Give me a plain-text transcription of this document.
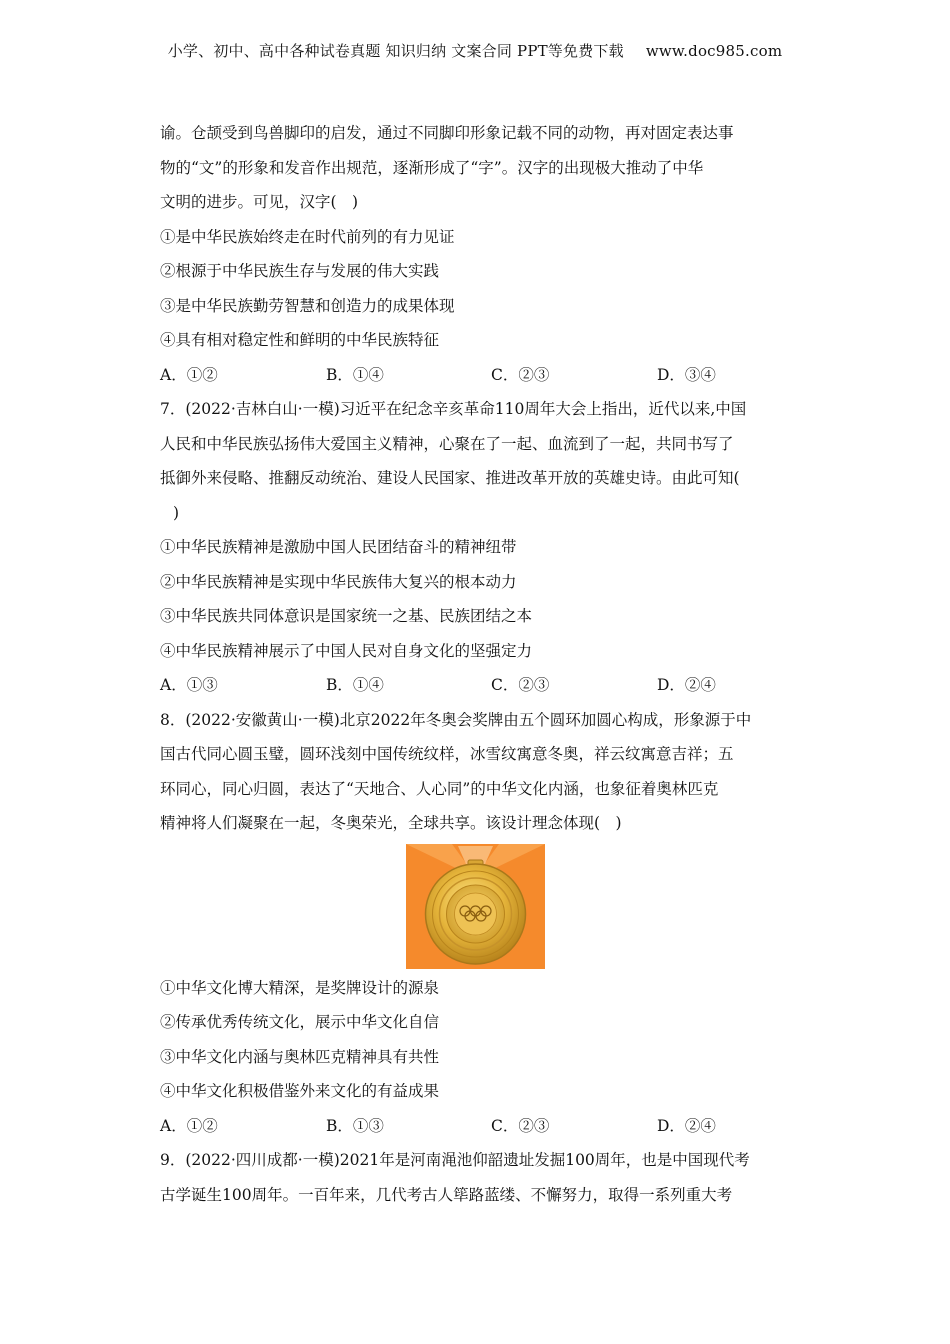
小学、初中、高中各种试卷真题 知识归纳 文案合同 PPT等免费下载 www.doc985.com
谕。仓颉受到鸟兽脚印的启发，通过不同脚印形象记载不同的动物，再对固定表达事
物的“文”的形象和发音作出规范，逐渐形成了“字”。汉字的出现极大推动了中华
文明的进步。可见，汉字(　)
①是中华民族始终走在时代前列的有力见证
②根源于中华民族生存与发展的伟大实践
③是中华民族勤劳智慧和创造力的成果体现
④具有相对稳定性和鲜明的中华民族特征
A．①②	B．①④	C．②③	D．③④
7．(2022·吉林白山·一模)习近平在纪念辛亥革命110周年大会上指出，近代以来,中国
人民和中华民族弘扬伟大爱国主义精神，心聚在了一起、血流到了一起，共同书写了
抵御外来侵略、推翻反动统治、建设人民国家、推进改革开放的英雄史诗。由此可知(
)
①中华民族精神是激励中国人民团结奋斗的精神纽带
②中华民族精神是实现中华民族伟大复兴的根本动力
③中华民族共同体意识是国家统一之基、民族团结之本
④中华民族精神展示了中国人民对自身文化的坚强定力
A．①③	B．①④	C．②③	D．②④
8．(2022·安徽黄山·一模)北京2022年冬奥会奖牌由五个圆环加圆心构成，形象源于中
国古代同心圆玉璧，圆环浅刻中国传统纹样，冰雪纹寓意冬奥，祥云纹寓意吉祥；五
环同心，同心归圆，表达了“天地合、人心同”的中华文化内涵，也象征着奥林匹克
精神将人们凝聚在一起，冬奥荣光，全球共享。该设计理念体现(　)
①中华文化博大精深，是奖牌设计的源泉
②传承优秀传统文化，展示中华文化自信
③中华文化内涵与奥林匹克精神具有共性
④中华文化积极借鉴外来文化的有益成果
A．①②	B．①③	C．②③	D．②④
9．(2022·四川成都·一模)2021年是河南渑池仰韶遗址发掘100周年，也是中国现代考
古学诞生100周年。一百年来，几代考古人筚路蓝缕、不懈努力，取得一系列重大考
